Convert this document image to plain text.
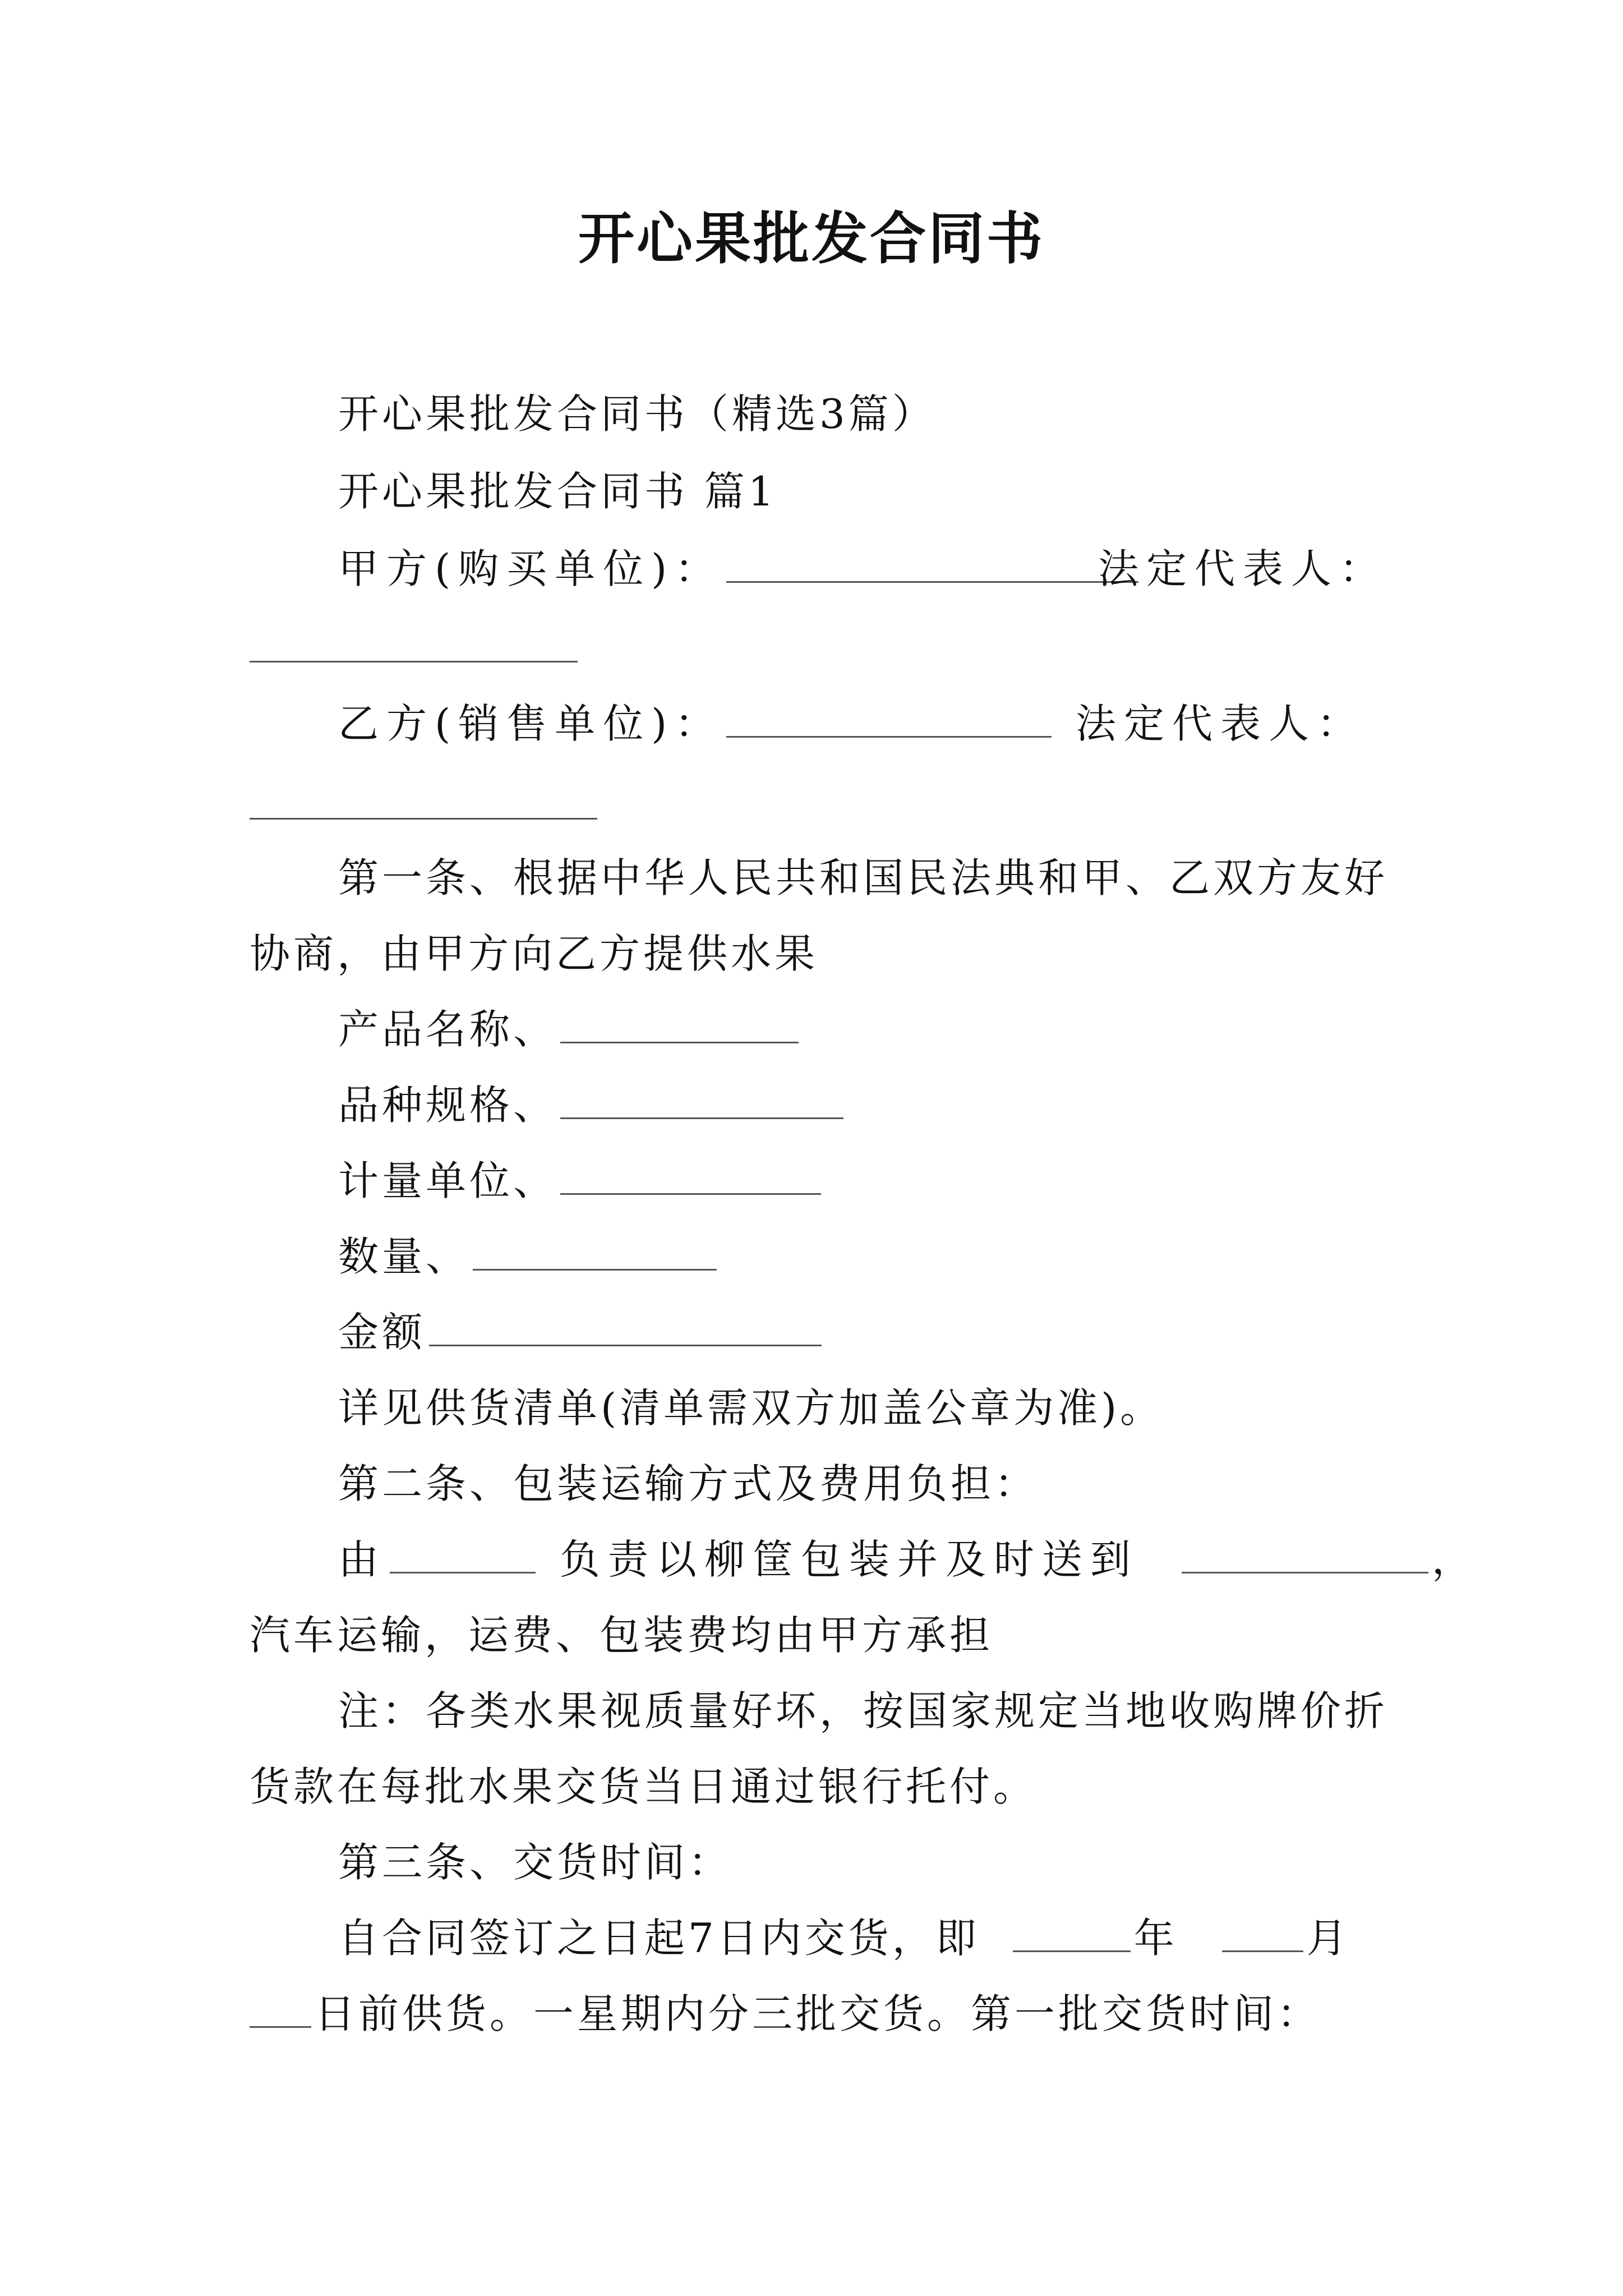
开心果批发合同书
开心果批发合同书（精选3篇）
开心果批发合同书 篇1
甲方(购买单位)：	法定代表人：
乙方(销售单位)：	法定代表人：
第一条、根据中华人民共和国民法典和甲、乙双方友好
协商，由甲方向乙方提供水果
产品名称、
品种规格、
计量单位、
数量、
金额
详见供货清单(清单需双方加盖公章为准)。
第二条、包装运输方式及费用负担：
由	负责以柳筐包装并及时送到	，
汽车运输，运费、包装费均由甲方承担
注：各类水果视质量好坏，按国家规定当地收购牌价折
货款在每批水果交货当日通过银行托付。
第三条、交货时间：
自合同签订之日起7日内交货，即	年	月
日前供货。一星期内分三批交货。第一批交货时间：
